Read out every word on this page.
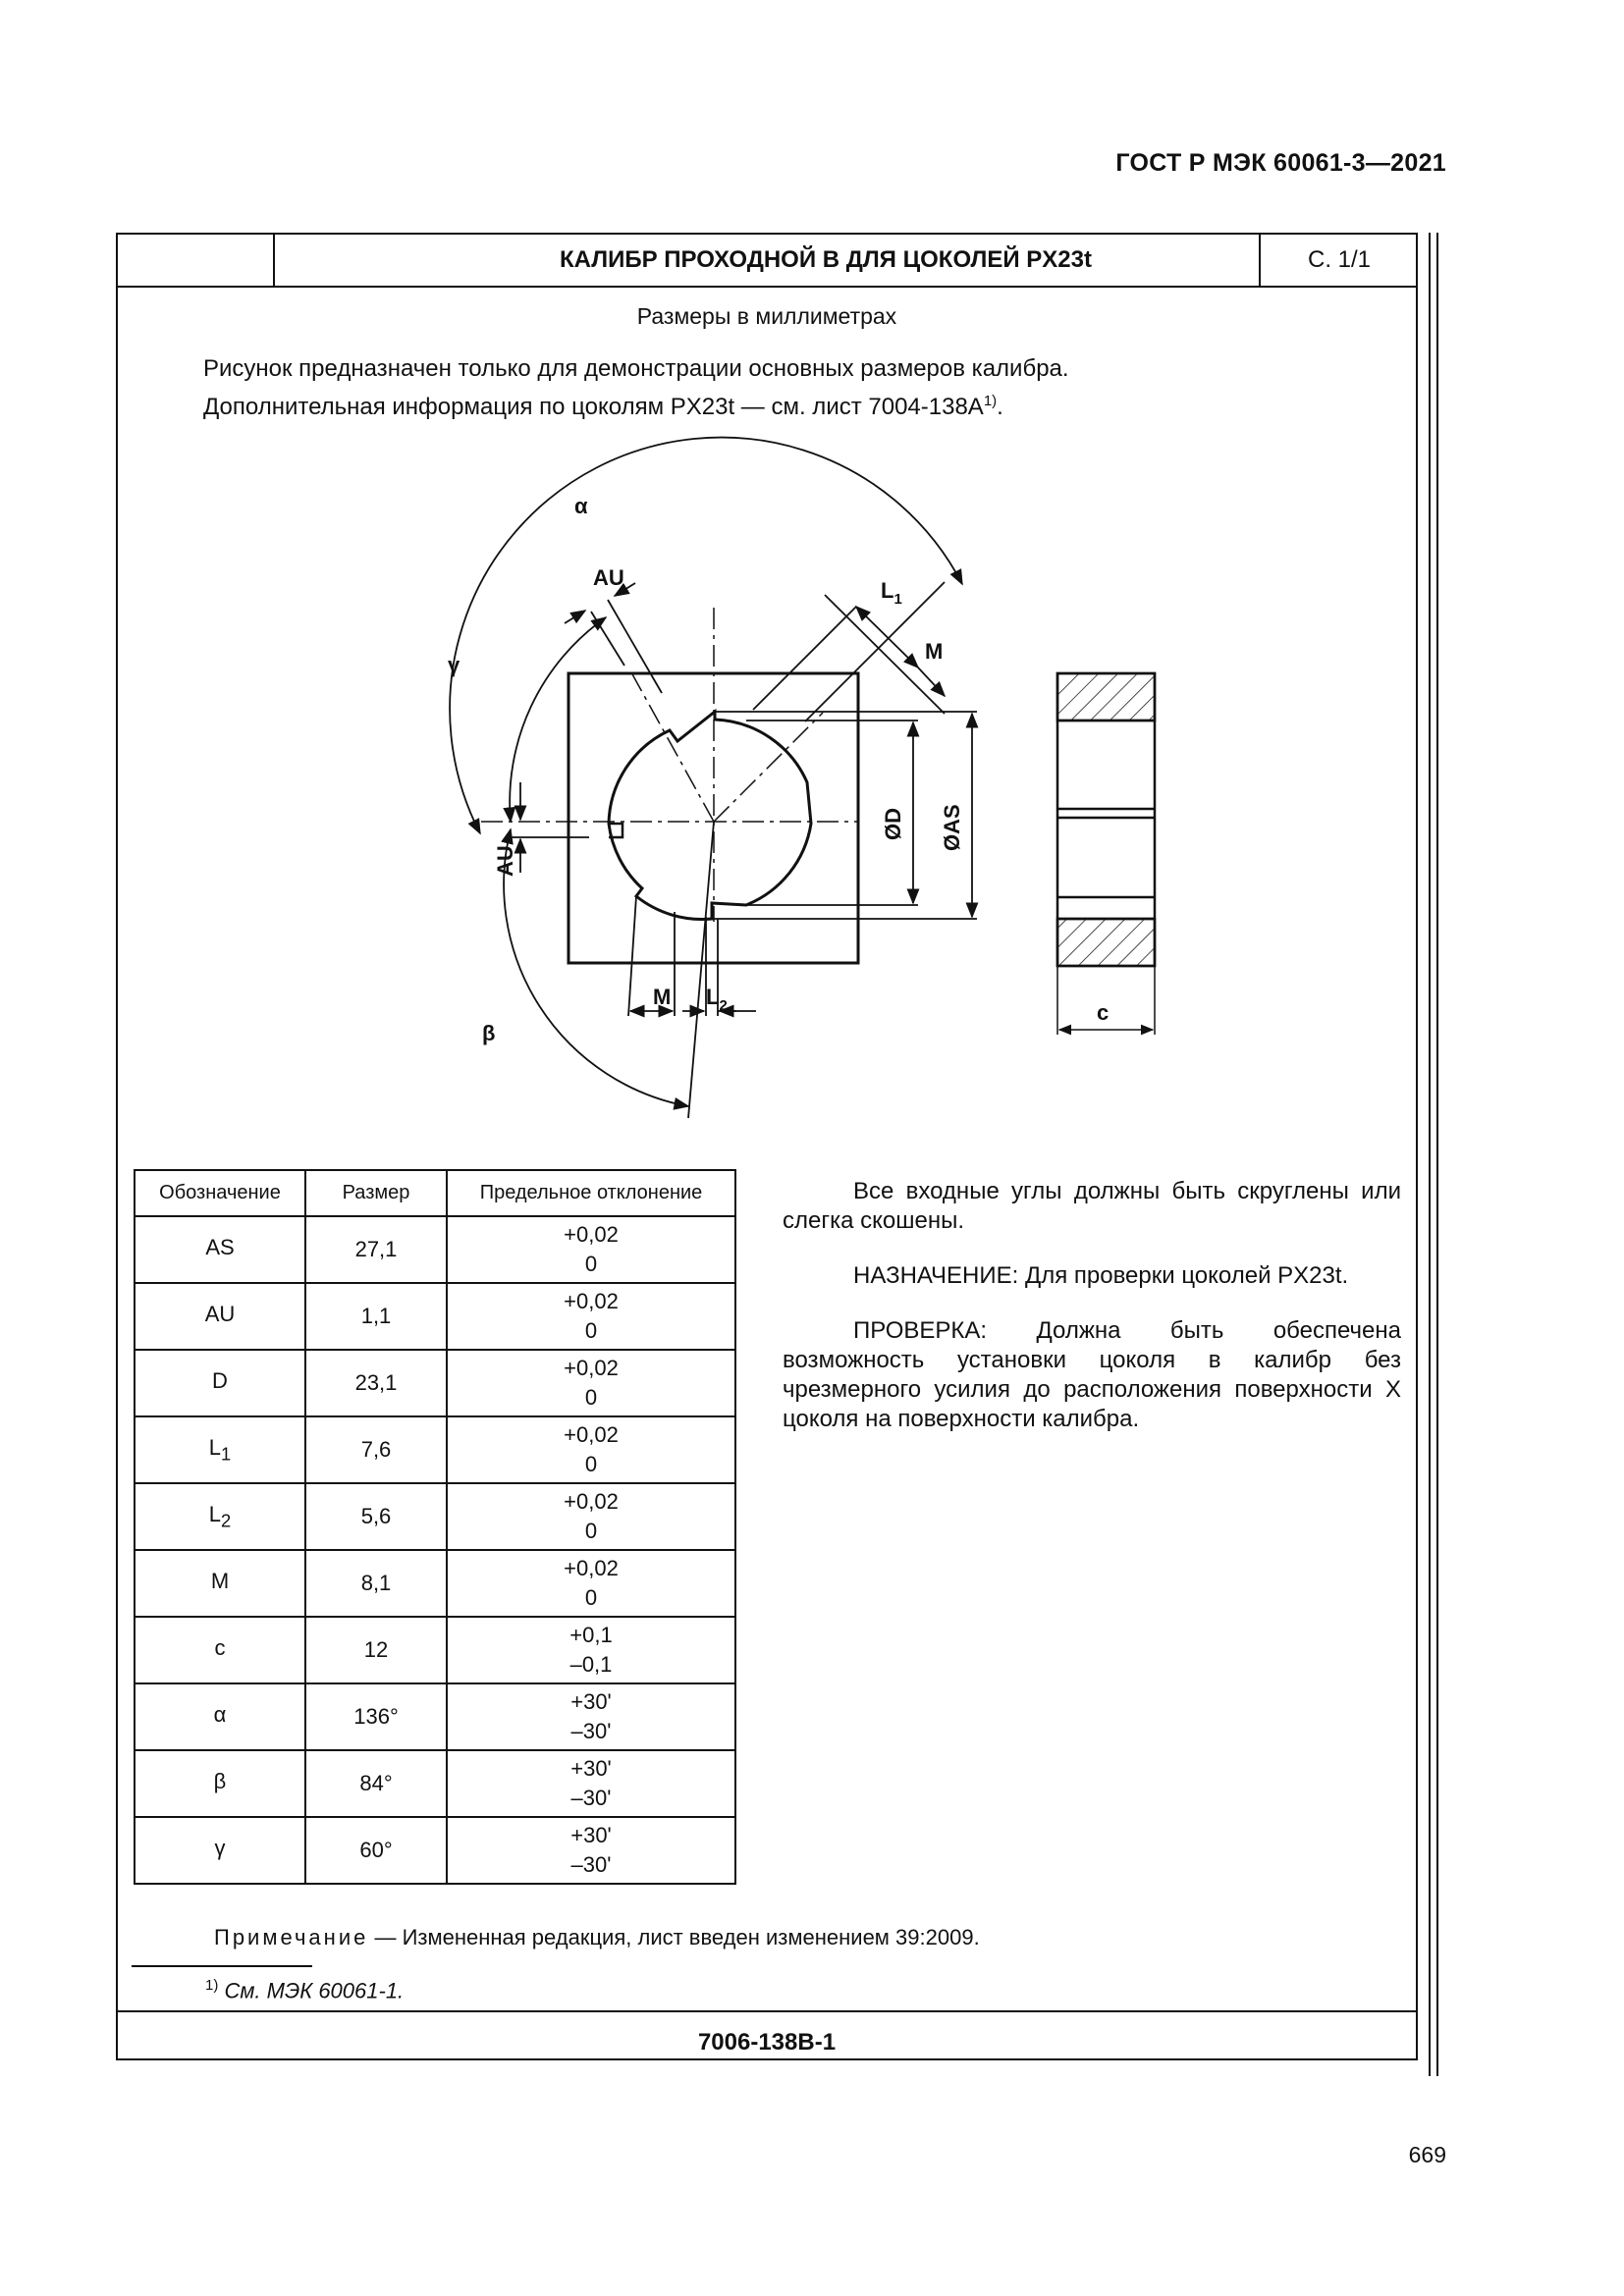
ГОСТ Р МЭК 60061-3—2021
КАЛИБР ПРОХОДНОЙ В ДЛЯ ЦОКОЛЕЙ PX23t	С. 1/1
Размеры в миллиметрах
Рисунок предназначен только для демонстрации основных размеров калибра.
Дополнительная информация по цоколям PX23t — см. лист $7004-138А^{1)}$.
α
γ
β
AU
$L_1$
M
M $L_2$	c
AU
ØD ØAS
Обозначение	Размер	Предельное отклонение
AS	27,1	+0,02
0

AU	1,1	+0,02
0

D	23,1	+0,02
0

$L_1$	7,6	+0,02
0

$L_2$	5,6	+0,02
0

M	8,1	+0,02
0

c	12	+0,1
–0,1

α	136°	+30'
–30'

β	84°	+30'
–30'

γ	60°	+30'
–30'

Все входные углы должны быть скруглены или слегка скошены.

НАЗНАЧЕНИЕ: Для проверки цоколей PX23t.

ПРОВЕРКА: Должна быть обеспечена возможность установки цоколя в калибр без чрезмерного усилия до расположения поверхности X цоколя на поверхности калибра.

Примечание — Измененная редакция, лист введен изменением 39:2009.
$^{1)}$ См. МЭК 60061-1.
7006-138В-1
669
